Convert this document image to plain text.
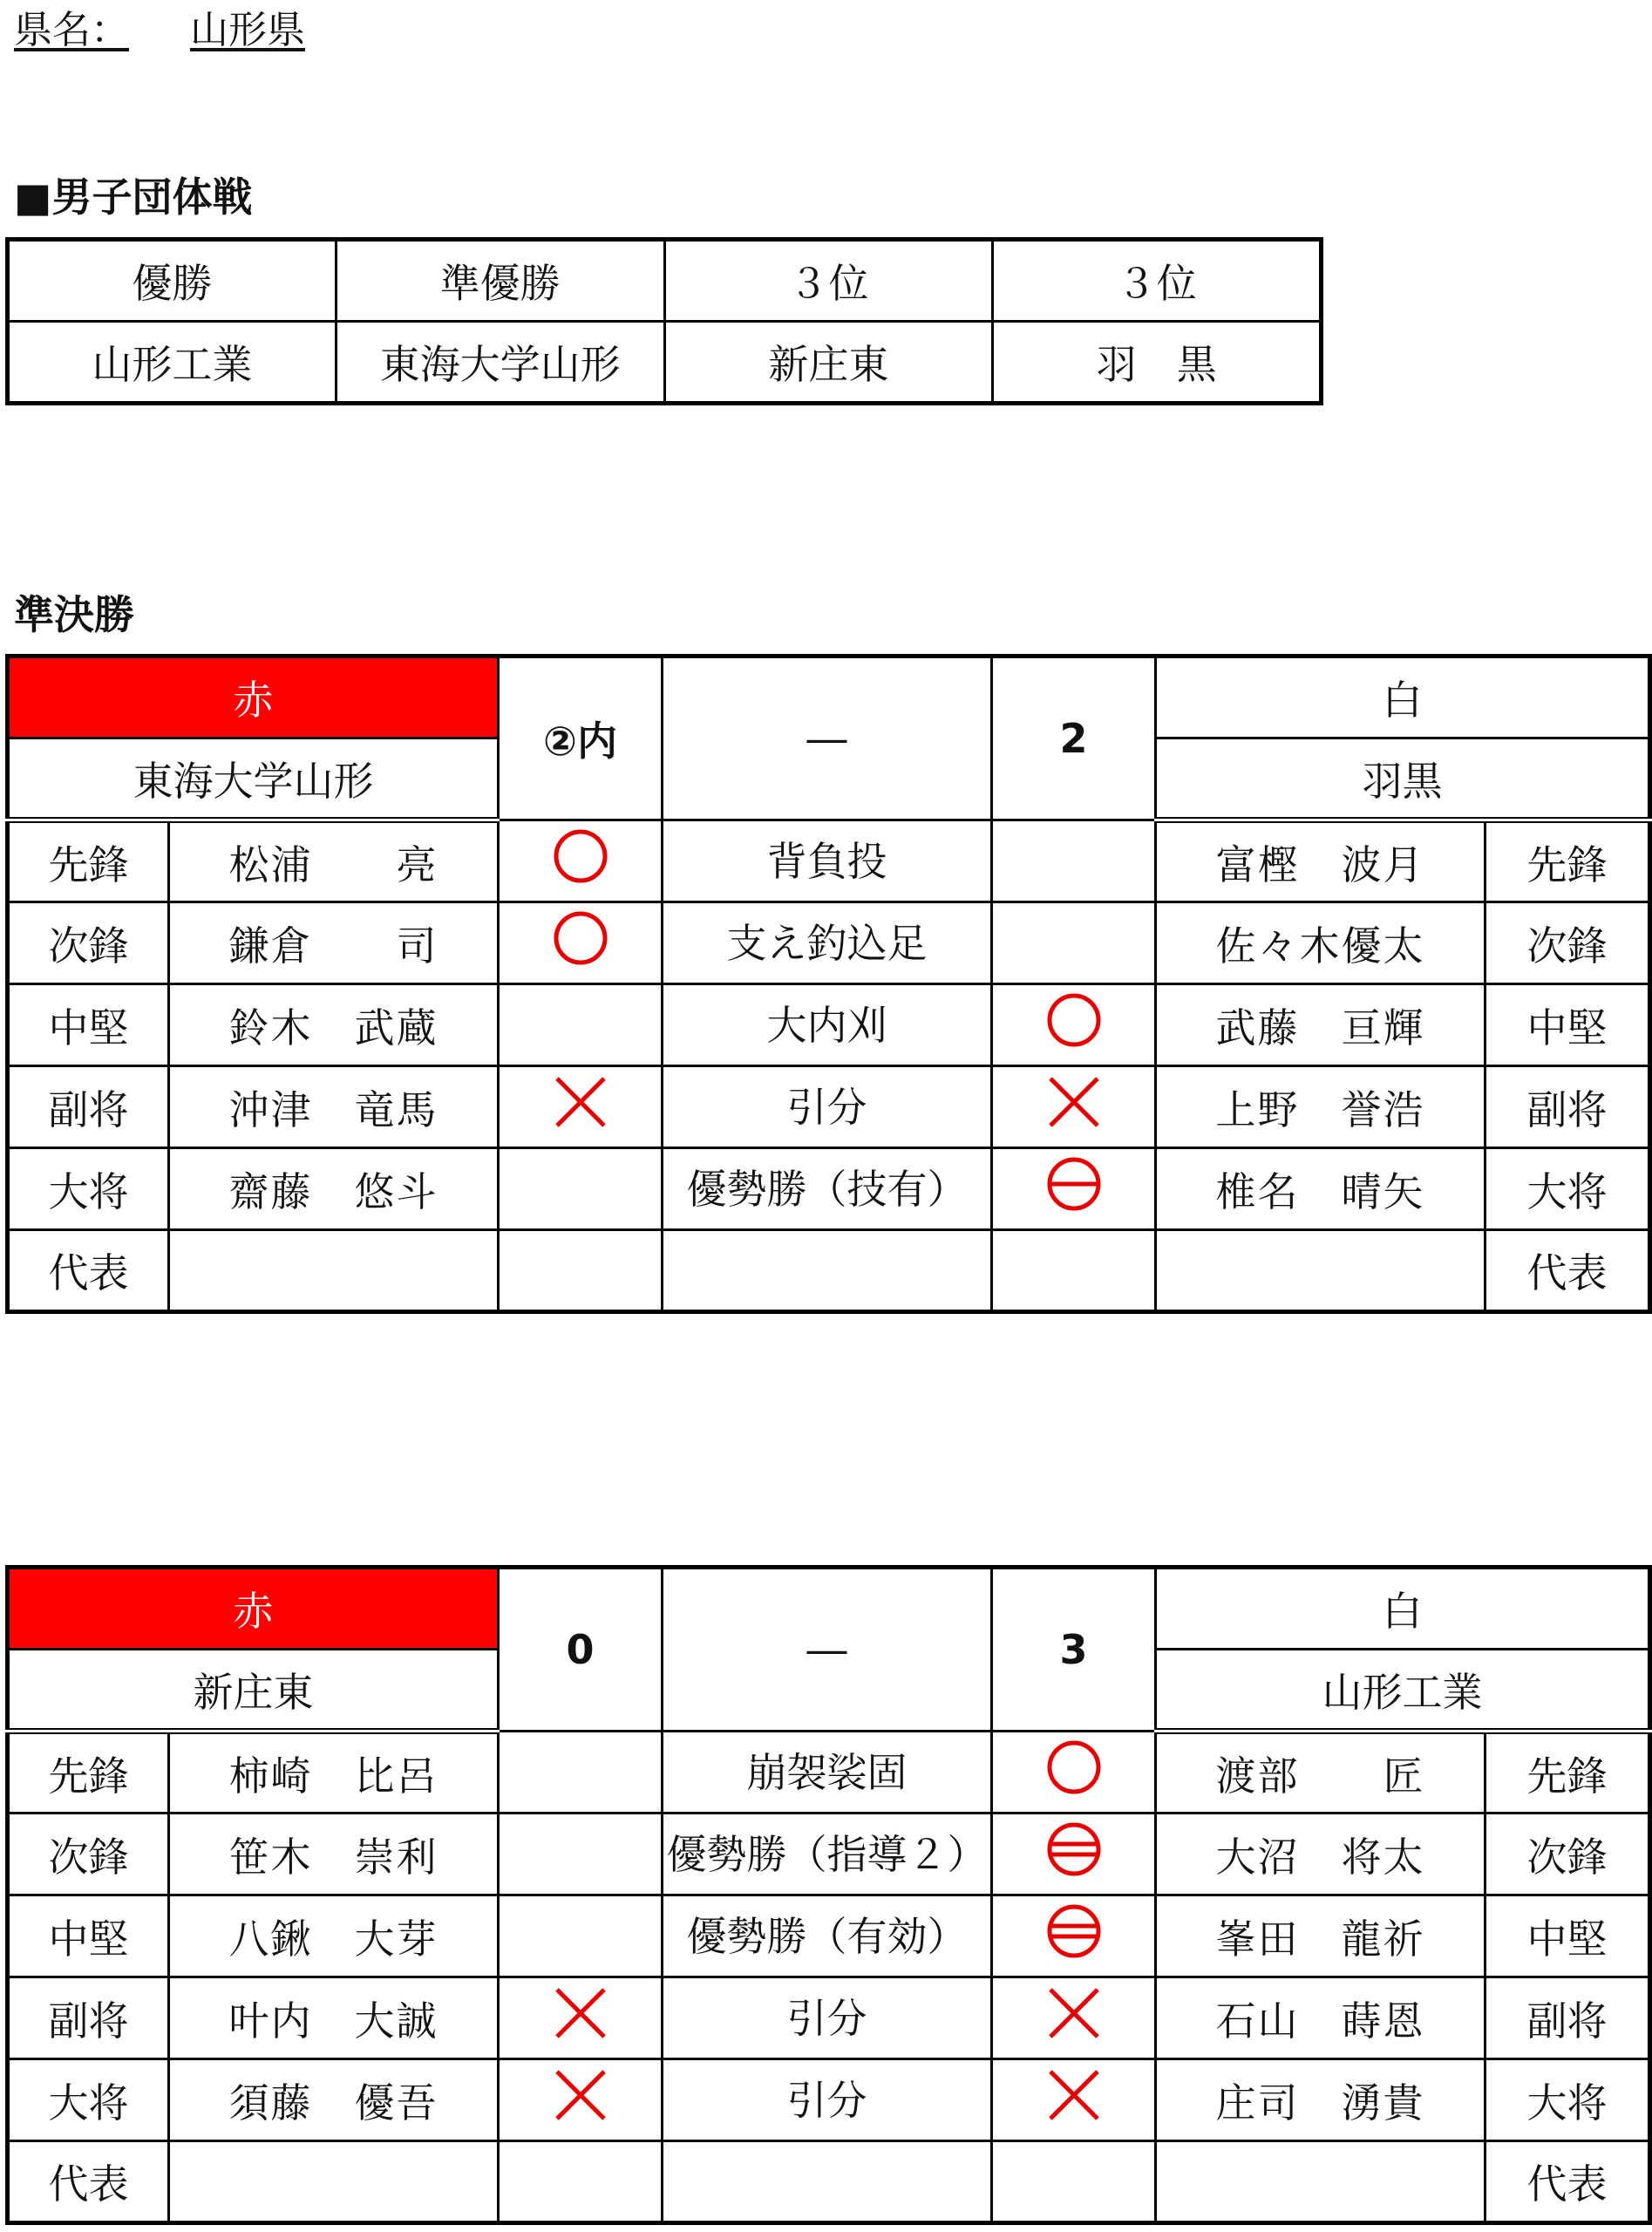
県名： 山形県
■男子団体戦
優勝	準優勝	３位	３位
山形工業	東海大学山形	新庄東	羽　黒
準決勝
赤		②内	―	2	白	
東海大学山形					羽黒	
先鋒	松浦　　亮		背負投		富樫　波月	先鋒
次鋒	鎌倉　　司		支え釣込足		佐々木優太	次鋒
中堅	鈴木　武蔵		大内刈		武藤　亘輝	中堅
副将	沖津　竜馬		引分		上野　誉浩	副将
大将	齋藤　悠斗		優勢勝（技有）		椎名　晴矢	大将
代表						代表
赤		0	―	3	白	
新庄東					山形工業	
先鋒	柿崎　比呂		崩袈裟固		渡部　　匠	先鋒
次鋒	笹木　崇利		優勢勝（指導２）		大沼　将太	次鋒
中堅	八鍬　大芽		優勢勝（有効）		峯田　龍祈	中堅
副将	叶内　大誠		引分		石山　蒔恩	副将
大将	須藤　優吾		引分		庄司　湧貴	大将
代表						代表
